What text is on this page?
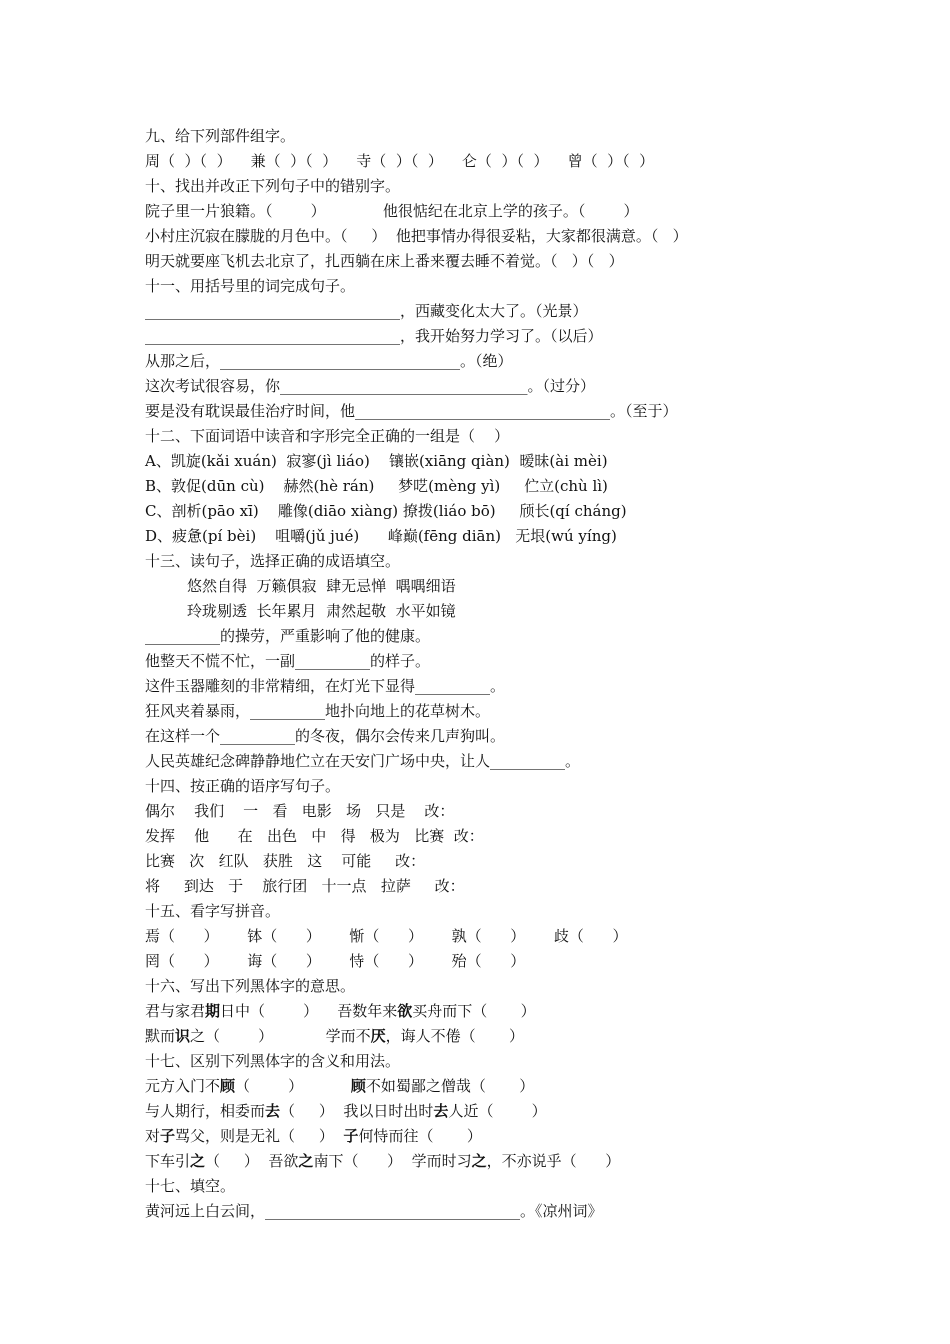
九、给下列部件组字。
周（  ）（  ）    兼（  ）（  ）    寺（  ）（  ）    仑（  ）（  ）    曾（  ）（  ）
十、找出并改正下列句子中的错别字。
院子里一片狼籍。（        ）            他很惦纪在北京上学的孩子。（        ）
小村庄沉寂在朦胧的月色中。（     ）  他把事情办得很妥粘，大家都很满意。（   ）
明天就要座飞机去北京了，扎西躺在床上番来覆去睡不着觉。（   ）（   ）
十一、用括号里的词完成句子。
__________________________________，西藏变化太大了。（光景）
__________________________________，我开始努力学习了。（以后）
从那之后，________________________________。（绝）
这次考试很容易，你_________________________________。（过分）
要是没有耽误最佳治疗时间，他__________________________________。（至于）
十二、下面词语中读音和字形完全正确的一组是（    ）
A、凯旋(kǎi xuán)  寂寥(jì liáo)    镶嵌(xiāng qiàn)  暧昧(ài mèi)
B、敦促(dūn cù)    赫然(hè rán)     梦呓(mèng yì)     伫立(chù lì)
C、剖析(pāo xī)    雕像(diāo xiàng) 撩拨(liáo bō)     颀长(qí cháng)
D、疲惫(pí bèi)    咀嚼(jǔ jué)      峰巅(fēng diān)   无垠(wú yíng)
十三、读句子，选择正确的成语填空。
悠然自得  万籁俱寂  肆无忌惮  喁喁细语
玲珑剔透  长年累月  肃然起敬  水平如镜
__________的操劳，严重影响了他的健康。
他整天不慌不忙，一副__________的样子。
这件玉器雕刻的非常精细，在灯光下显得__________。
狂风夹着暴雨，__________地扑向地上的花草树木。
在这样一个__________的冬夜，偶尔会传来几声狗叫。
人民英雄纪念碑静静地伫立在天安门广场中央，让人__________。
十四、按正确的语序写句子。
偶尔    我们    一   看   电影   场   只是    改：
发挥    他      在   出色   中   得   极为   比赛  改：
比赛   次   红队   获胜   这    可能     改：
将     到达   于    旅行团   十一点   拉萨     改：
十五、看字写拼音。
焉（      ）      钵（      ）      惭（      ）      孰（      ）      歧（      ）
罔（      ）      诲（      ）      恃（      ）      殆（      ）
十六、写出下列黑体字的意思。
君与家君期日中（        ）    吾数年来欲买舟而下（       ）
默而识之（        ）           学而不厌，诲人不倦（       ）
十七、区别下列黑体字的含义和用法。
元方入门不顾（        ）          顾不如蜀鄙之僧哉（       ）
与人期行，相委而去（     ）  我以日时出时去人近（        ）
对子骂父，则是无礼（     ）  子何恃而往（       ）
下车引之（     ）  吾欲之南下（      ）  学而时习之，不亦说乎（      ）
十七、填空。
黄河远上白云间，__________________________________。《凉州词》
